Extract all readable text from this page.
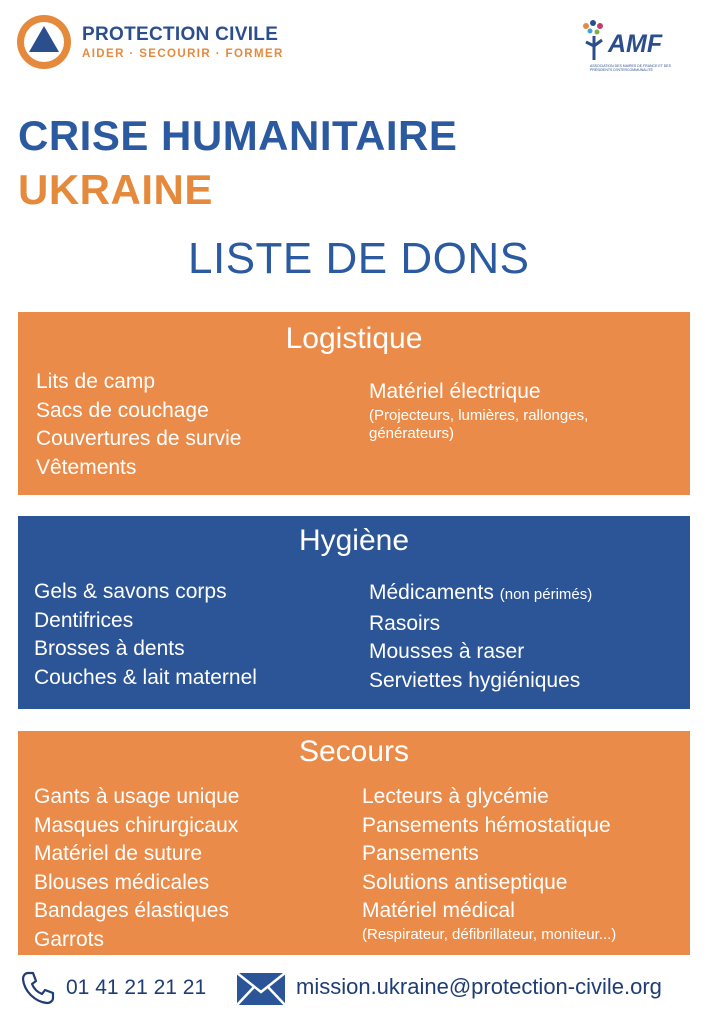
PROTECTION CIVILE
AIDER · SECOURIR · FORMER	AMF
ASSOCIATION DES MAIRES DE FRANCE ET DES PRÉSIDENTS D'INTERCOMMUNALITÉ
CRISE HUMANITAIRE
UKRAINE
LISTE DE DONS
Logistique
Lits de camp
Sacs de couchage
Couvertures de survie
Vêtements
Matériel électrique
(Projecteurs, lumières, rallonges, générateurs)
Hygiène
Gels & savons corps
Dentifrices
Brosses à dents
Couches & lait maternel
Médicaments (non périmés)
Rasoirs
Mousses à raser
Serviettes hygiéniques
Secours
Gants à usage unique
Masques chirurgicaux
Matériel de suture
Blouses médicales
Bandages élastiques
Garrots
Lecteurs à glycémie
Pansements hémostatique
Pansements
Solutions antiseptique
Matériel médical
(Respirateur, défibrillateur, moniteur...)
01 41 21 21 21	mission.ukraine@protection-civile.org
